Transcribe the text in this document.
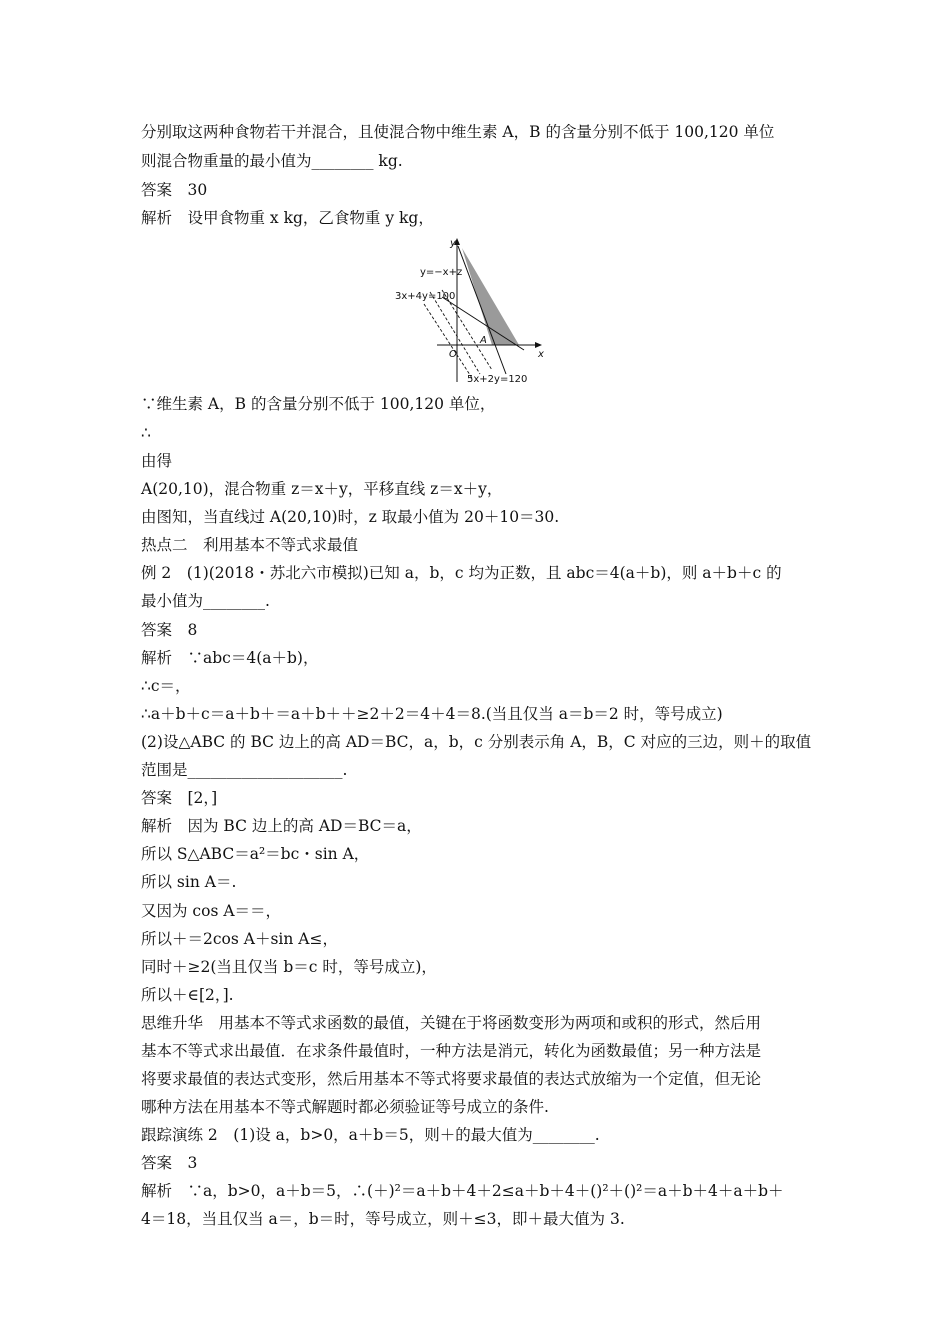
分别取这两种食物若干并混合，且使混合物中维生素 A，B 的含量分别不低于 100,120 单位
则混合物重量的最小值为________ kg.
答案　30
解析　设甲食物重 x kg，乙食物重 y kg，
y
x
O
A
y=−x+z
3x+4y=100
5x+2y=120
∵维生素 A，B 的含量分别不低于 100,120 单位，
∴
由得
A(20,10)，混合物重 z＝x＋y，平移直线 z＝x＋y，
由图知，当直线过 A(20,10)时，z 取最小值为 20＋10＝30.
热点二　利用基本不等式求最值
例 2　(1)(2018・苏北六市模拟)已知 a，b，c 均为正数，且 abc＝4(a＋b)，则 a＋b＋c 的
最小值为________.
答案　8
解析　∵abc＝4(a＋b)，
∴c＝，
∴a＋b＋c＝a＋b＋＝a＋b＋＋≥2＋2＝4＋4＝8.(当且仅当 a＝b＝2 时，等号成立)
(2)设△ABC 的 BC 边上的高 AD＝BC，a，b，c 分别表示角 A，B，C 对应的三边，则＋的取值
范围是____________________.
答案　[2，]
解析　因为 BC 边上的高 AD＝BC＝a，
所以 S△ABC＝a²＝bc・sin A，
所以 sin A＝.
又因为 cos A＝＝，
所以＋＝2cos A＋sin A≤，
同时＋≥2(当且仅当 b＝c 时，等号成立)，
所以＋∈[2，].
思维升华　用基本不等式求函数的最值，关键在于将函数变形为两项和或积的形式，然后用
基本不等式求出最值．在求条件最值时，一种方法是消元，转化为函数最值；另一种方法是
将要求最值的表达式变形，然后用基本不等式将要求最值的表达式放缩为一个定值，但无论
哪种方法在用基本不等式解题时都必须验证等号成立的条件.
跟踪演练 2　(1)设 a，b>0，a＋b＝5，则＋的最大值为________.
答案　3
解析　∵a，b>0，a＋b＝5，∴(＋)²＝a＋b＋4＋2≤a＋b＋4＋()²＋()²＝a＋b＋4＋a＋b＋
4＝18，当且仅当 a＝，b＝时，等号成立，则＋≤3，即＋最大值为 3.
